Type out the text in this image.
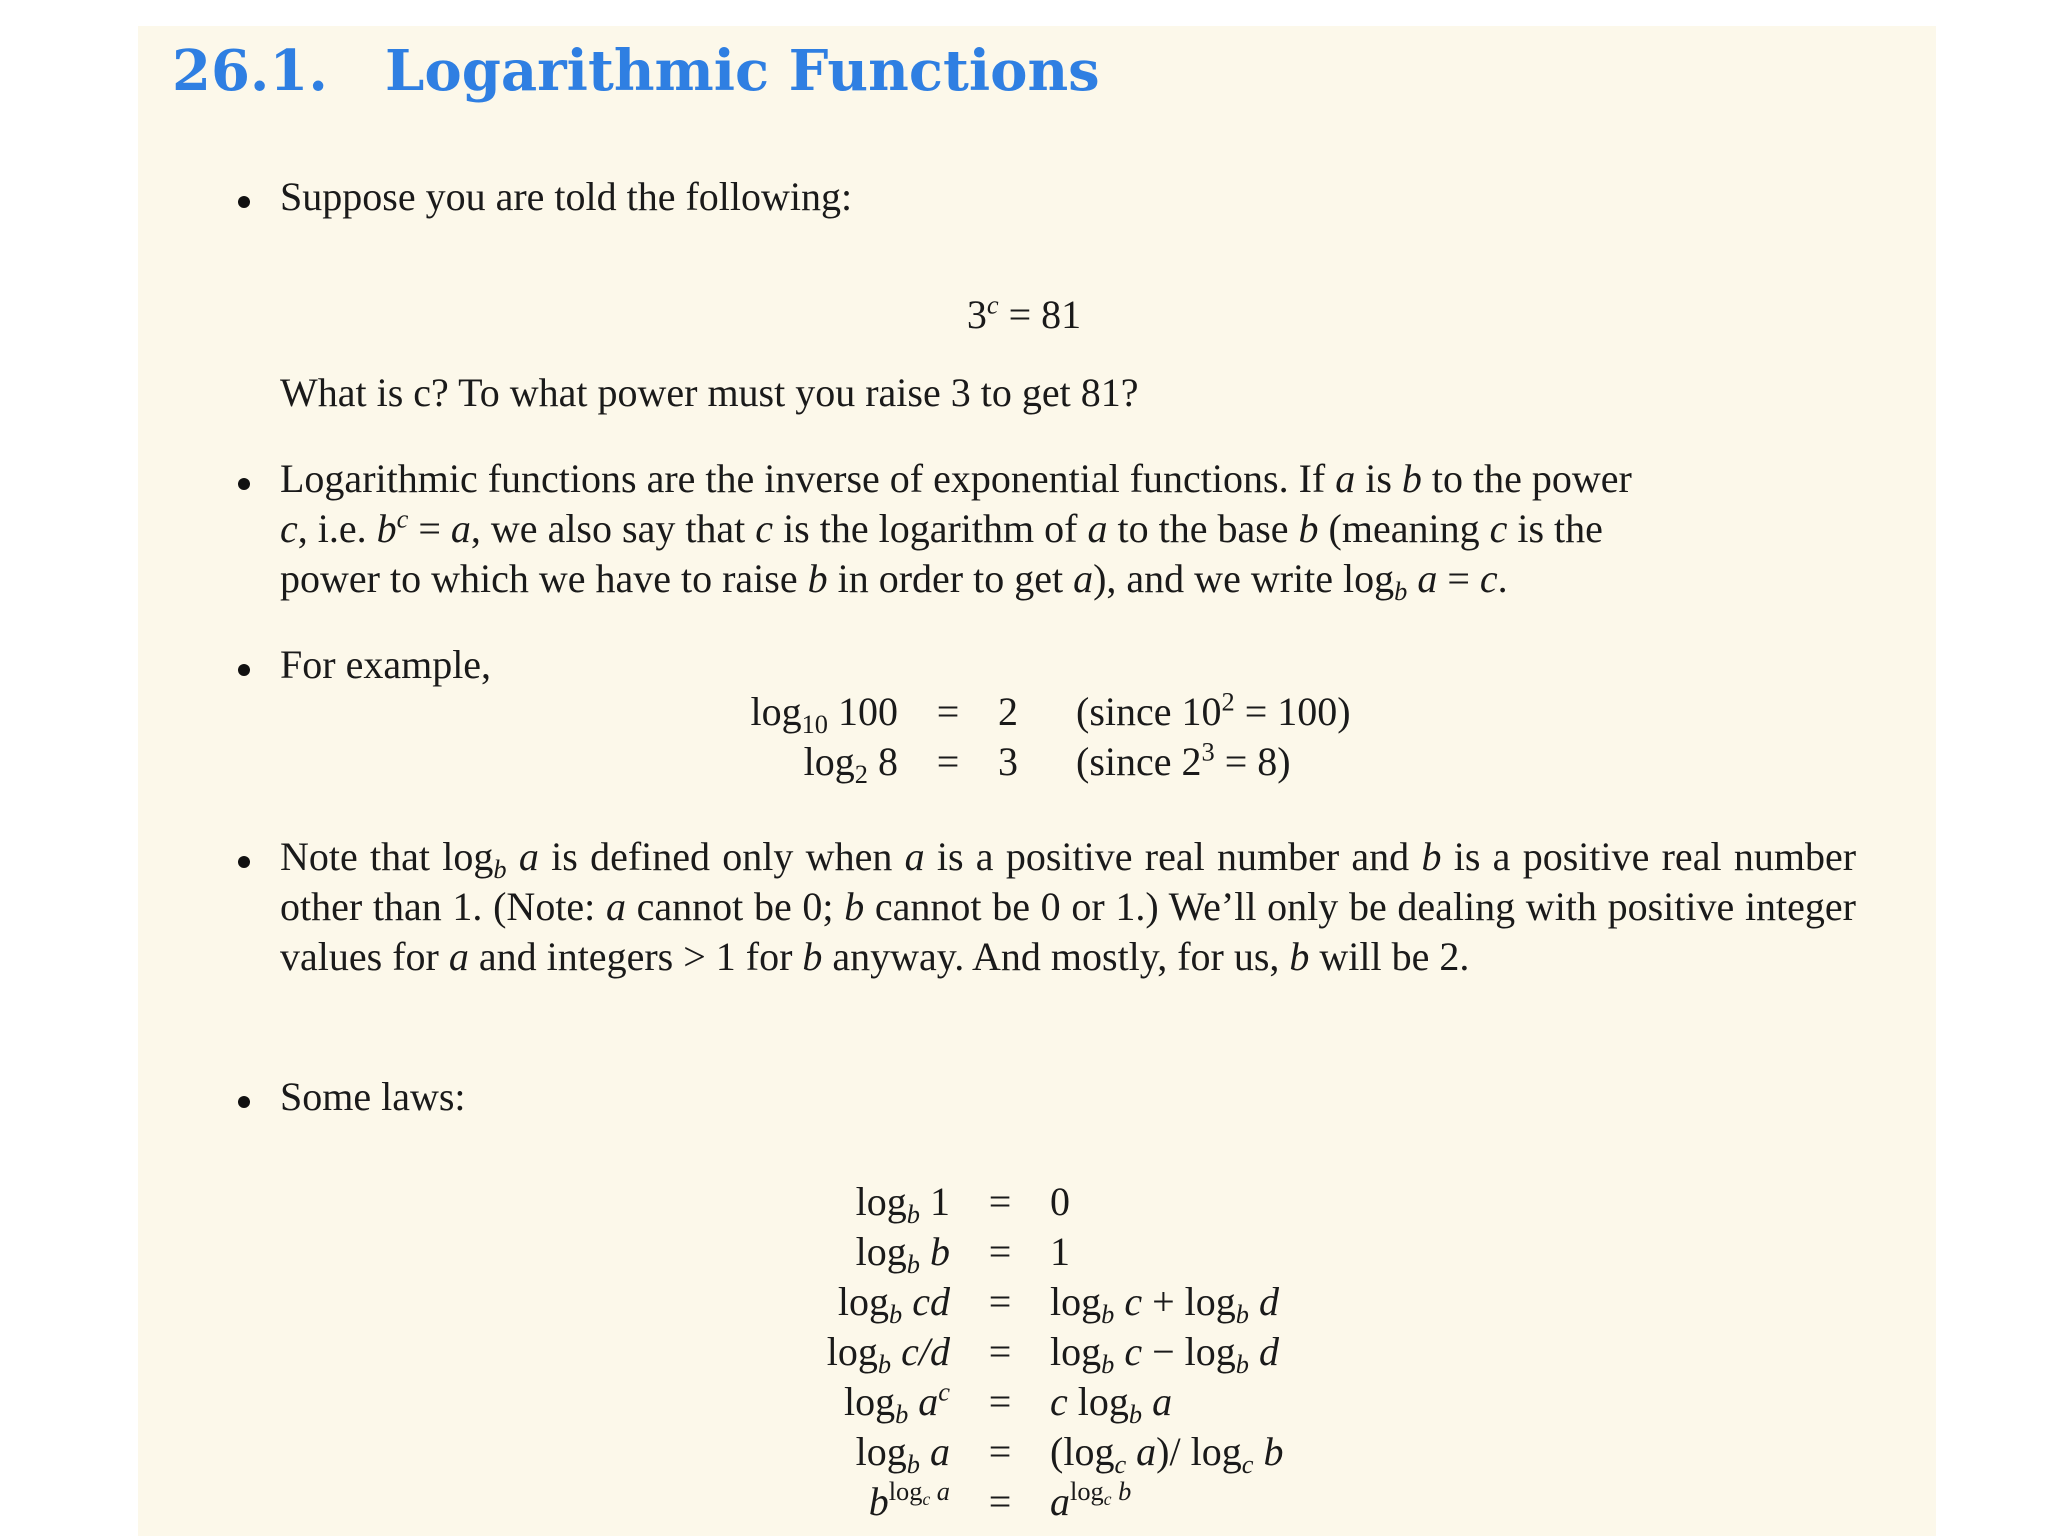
26.1. Logarithmic Functions
Suppose you are told the following:
$3^c = 81$
What is c? To what power must you raise 3 to get 81?
Logarithmic functions are the inverse of exponential functions. If a is b to the power
c, i.e. $b^c = a$, we also say that c is the logarithm of a to the base b (meaning c is the
power to which we have to raise b in order to get a), and we write $\log_b a = c$.
For example,
$\log_{10} 100$	=	2	(since $10^2 = 100$)
$\log_2 8$	=	3	(since $2^3 = 8$)
Note that $\log_b a$ is defined only when a is a positive real number and b is a positive real number other than 1. (Note: a cannot be 0; b cannot be 0 or 1.) We’ll only be dealing with positive integer values for a and integers > 1 for b anyway. And mostly, for us, b will be 2.
Some laws:
$\log_b 1$	=	0
$\log_b b$	=	1
$\log_b$ cd	=	$\log_b c + \log_b d$
$\log_b c/d$	=	$\log_b c - \log_b d$
$\log_b a^c$	=	c $\log_b a$
$\log_b a$	=	($\log_c$ a)/ $\log_c b$
$b^{log_c a}$	=	$a^{log_c b}$
